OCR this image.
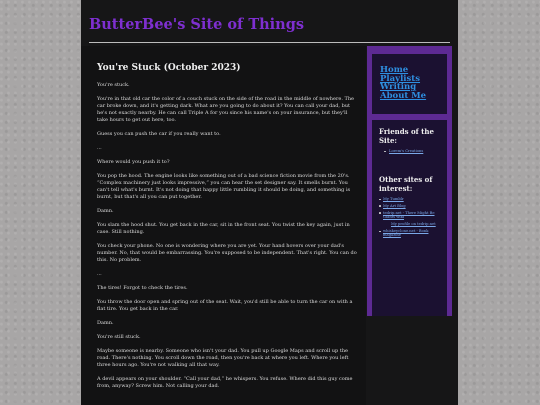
ButterBee's Site of Things
You're Stuck (October 2023)

You're stuck.

You're in that old car the color of a couch stuck on the side of the road in the middle of nowhere. The car broke down, and it's getting dark. What are you going to do about it? You can call your dad, but he's not exactly nearby. He can call Triple A for you since his name's on your insurance, but they'll take hours to get out here, too.

Guess you can push the car if you really want to.

...

Where would you push it to?

You pop the hood. The engine looks like something out of a bad science fiction movie from the 20's. “Complex machinery just looks impressive,” you can hear the set designer say. It smells burnt. You can't tell what's burnt. It's not doing that happy little rumbling it should be doing, and something is burnt, but that's all you can put together.

Damn.

You slam the hood shut. You get back in the car, sit in the front seat. You twist the key again, just in case. Still nothing.

You check your phone. No one is wondering where you are yet. Your hand hovers over your dad's number. No, that would be embarrassing. You're supposed to be independent. That's right. You can do this. No problem.

...

The tires! Forgot to check the tires.

You throw the door open and spring out of the seat. Wait, you'd still be able to turn the car on with a flat tire. You get back in the car.

Damn.

You're still stuck.

Maybe someone is nearby. Someone who isn't your dad. You pull up Google Maps and scroll up the road. There's nothing. You scroll down the road, then you're back at where you left. Where you left three hours ago. You're not walking all that way.

A devil appears on your shoulder. “Call your dad,” he whispers. You refuse. Where did this guy come from, anyway? Screw him. Not calling your dad.

Home
Playlists
Writing
About Me
Friends of the Site:
Lorem's Creations
Other sites of interest:
My Tumblr
My Art Blog
tedrip.net - There Might Be Giants wiki
My profile on tedrip.net
whiskeyclone.net - Bonk magazine
